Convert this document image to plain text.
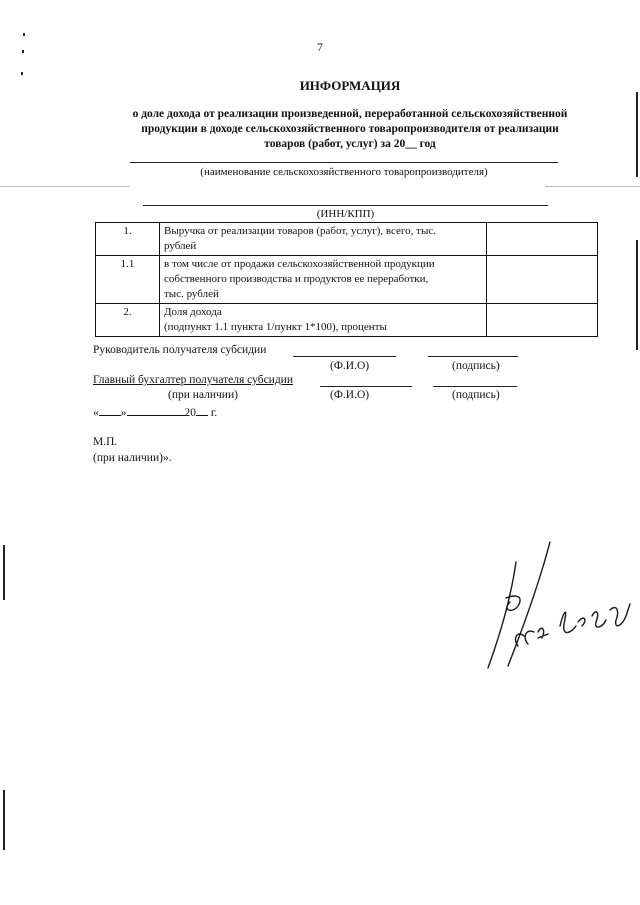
7
ИНФОРМАЦИЯ
о доле дохода от реализации произведенной, переработанной сельскохозяйственной
продукции в доходе сельскохозяйственного товаропроизводителя от реализации
товаров (работ, услуг) за 20__ год
(наименование сельскохозяйственного товаропроизводителя)
(ИНН/КПП)
1.	Выручка от реализации товаров (работ, услуг), всего, тыс.
рублей	

1.1	в том числе от продажи сельскохозяйственной продукции
собственного производства и продуктов ее переработки,
тыс. рублей	

2.	Доля дохода
(подпункт 1.1 пункта 1/пункт 1*100), проценты	

Руководитель получателя субсидии
(Ф.И.О)	(подпись)
Главный бухгалтер получателя субсидии
(при наличии)	(Ф.И.О)	(подпись)
« »	20 г.
М.П.
(при наличии)».
